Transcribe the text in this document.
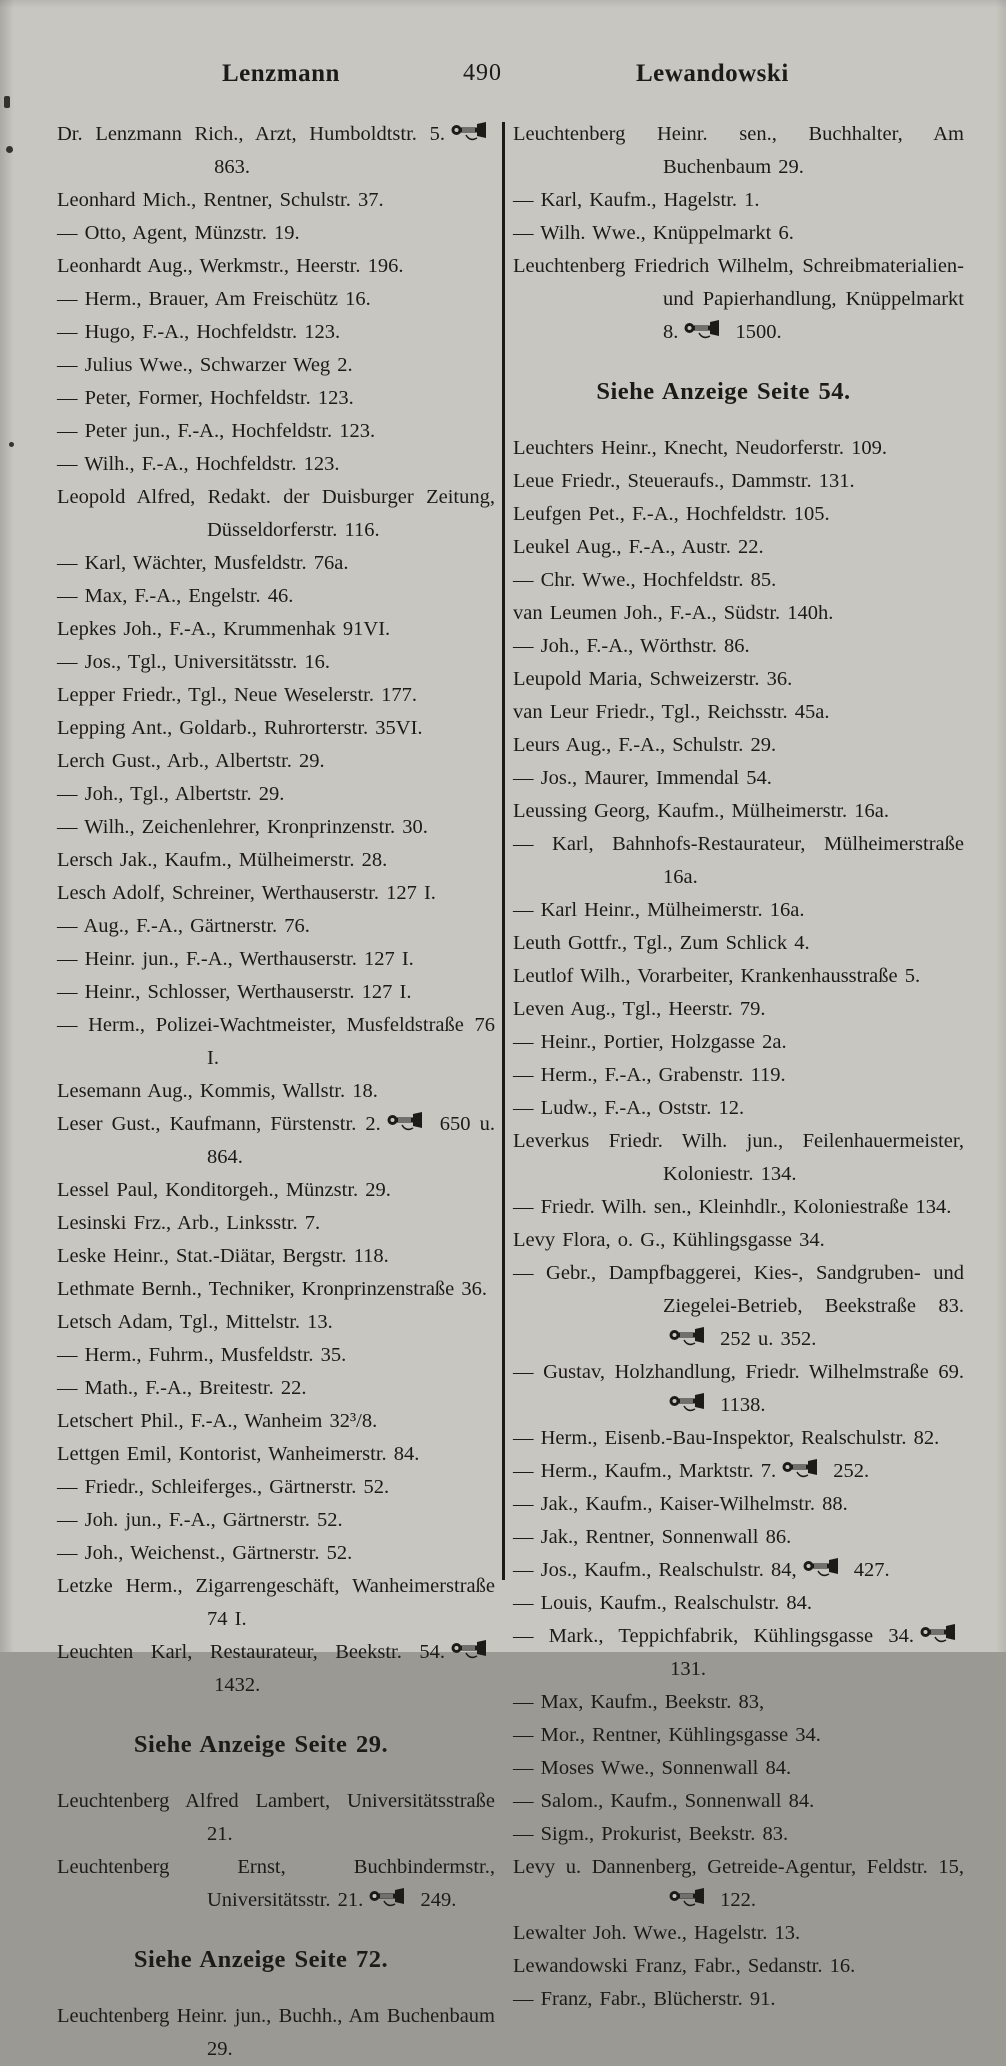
Lenzmann	490	Lewandowski

Dr. Lenzmann Rich., Arzt, Humboldtstr. 5. 863.

Leonhard Mich., Rentner, Schulstr. 37.

— Otto, Agent, Münzstr. 19.

Leonhardt Aug., Werkmstr., Heerstr. 196.

— Herm., Brauer, Am Freischütz 16.

— Hugo, F.-A., Hochfeldstr. 123.

— Julius Wwe., Schwarzer Weg 2.

— Peter, Former, Hochfeldstr. 123.

— Peter jun., F.-A., Hochfeldstr. 123.

— Wilh., F.-A., Hochfeldstr. 123.

Leopold Alfred, Redakt. der Duisburger Zeitung, Düsseldorferstr. 116.

— Karl, Wächter, Musfeldstr. 76a.

— Max, F.-A., Engelstr. 46.

Lepkes Joh., F.-A., Krummenhak 91VI.

— Jos., Tgl., Universitätsstr. 16.

Lepper Friedr., Tgl., Neue Weselerstr. 177.

Lepping Ant., Goldarb., Ruhrorterstr. 35VI.

Lerch Gust., Arb., Albertstr. 29.

— Joh., Tgl., Albertstr. 29.

— Wilh., Zeichenlehrer, Kronprinzenstr. 30.

Lersch Jak., Kaufm., Mülheimerstr. 28.

Lesch Adolf, Schreiner, Werthauserstr. 127 I.

— Aug., F.-A., Gärtnerstr. 76.

— Heinr. jun., F.-A., Werthauserstr. 127 I.

— Heinr., Schlosser, Werthauserstr. 127 I.

— Herm., Polizei-Wachtmeister, Musfeldstraße 76 I.

Lesemann Aug., Kommis, Wallstr. 18.

Leser Gust., Kaufmann, Fürstenstr. 2. 650 u. 864.

Lessel Paul, Konditorgeh., Münzstr. 29.

Lesinski Frz., Arb., Linksstr. 7.

Leske Heinr., Stat.-Diätar, Bergstr. 118.

Lethmate Bernh., Techniker, Kronprinzenstraße 36.

Letsch Adam, Tgl., Mittelstr. 13.

— Herm., Fuhrm., Musfeldstr. 35.

— Math., F.-A., Breitestr. 22.

Letschert Phil., F.-A., Wanheim 32³/8.

Lettgen Emil, Kontorist, Wanheimerstr. 84.

— Friedr., Schleiferges., Gärtnerstr. 52.

— Joh. jun., F.-A., Gärtnerstr. 52.

— Joh., Weichenst., Gärtnerstr. 52.

Letzke Herm., Zigarrengeschäft, Wanheimerstraße 74 I.

Leuchten Karl, Restaurateur, Beekstr. 54. 1432.

Siehe Anzeige Seite 29.

Leuchtenberg Alfred Lambert, Universitätsstraße 21.

Leuchtenberg Ernst, Buchbindermstr., Universitätsstr. 21. 249.

Siehe Anzeige Seite 72.

Leuchtenberg Heinr. jun., Buchh., Am Buchenbaum 29.

Leuchtenberg Heinr. sen., Buchhalter, Am Buchenbaum 29.

— Karl, Kaufm., Hagelstr. 1.

— Wilh. Wwe., Knüppelmarkt 6.

Leuchtenberg Friedrich Wilhelm, Schreibmaterialien- und Papierhandlung, Knüppelmarkt 8. 1500.

Siehe Anzeige Seite 54.

Leuchters Heinr., Knecht, Neudorferstr. 109.

Leue Friedr., Steueraufs., Dammstr. 131.

Leufgen Pet., F.-A., Hochfeldstr. 105.

Leukel Aug., F.-A., Austr. 22.

— Chr. Wwe., Hochfeldstr. 85.

van Leumen Joh., F.-A., Südstr. 140h.

— Joh., F.-A., Wörthstr. 86.

Leupold Maria, Schweizerstr. 36.

van Leur Friedr., Tgl., Reichsstr. 45a.

Leurs Aug., F.-A., Schulstr. 29.

— Jos., Maurer, Immendal 54.

Leussing Georg, Kaufm., Mülheimerstr. 16a.

— Karl, Bahnhofs-Restaurateur, Mülheimerstraße 16a.

— Karl Heinr., Mülheimerstr. 16a.

Leuth Gottfr., Tgl., Zum Schlick 4.

Leutlof Wilh., Vorarbeiter, Krankenhausstraße 5.

Leven Aug., Tgl., Heerstr. 79.

— Heinr., Portier, Holzgasse 2a.

— Herm., F.-A., Grabenstr. 119.

— Ludw., F.-A., Oststr. 12.

Leverkus Friedr. Wilh. jun., Feilenhauermeister, Koloniestr. 134.

— Friedr. Wilh. sen., Kleinhdlr., Koloniestraße 134.

Levy Flora, o. G., Kühlingsgasse 34.

— Gebr., Dampfbaggerei, Kies-, Sandgruben- und Ziegelei-Betrieb, Beekstraße 83. 252 u. 352.

— Gustav, Holzhandlung, Friedr. Wilhelmstraße 69. 1138.

— Herm., Eisenb.-Bau-Inspektor, Realschulstr. 82.

— Herm., Kaufm., Marktstr. 7. 252.

— Jak., Kaufm., Kaiser-Wilhelmstr. 88.

— Jak., Rentner, Sonnenwall 86.

— Jos., Kaufm., Realschulstr. 84, 427.

— Louis, Kaufm., Realschulstr. 84.

— Mark., Teppichfabrik, Kühlingsgasse 34. 131.

— Max, Kaufm., Beekstr. 83,

— Mor., Rentner, Kühlingsgasse 34.

— Moses Wwe., Sonnenwall 84.

— Salom., Kaufm., Sonnenwall 84.

— Sigm., Prokurist, Beekstr. 83.

Levy u. Dannenberg, Getreide-Agentur, Feldstr. 15, 122.

Lewalter Joh. Wwe., Hagelstr. 13.

Lewandowski Franz, Fabr., Sedanstr. 16.

— Franz, Fabr., Blücherstr. 91.
